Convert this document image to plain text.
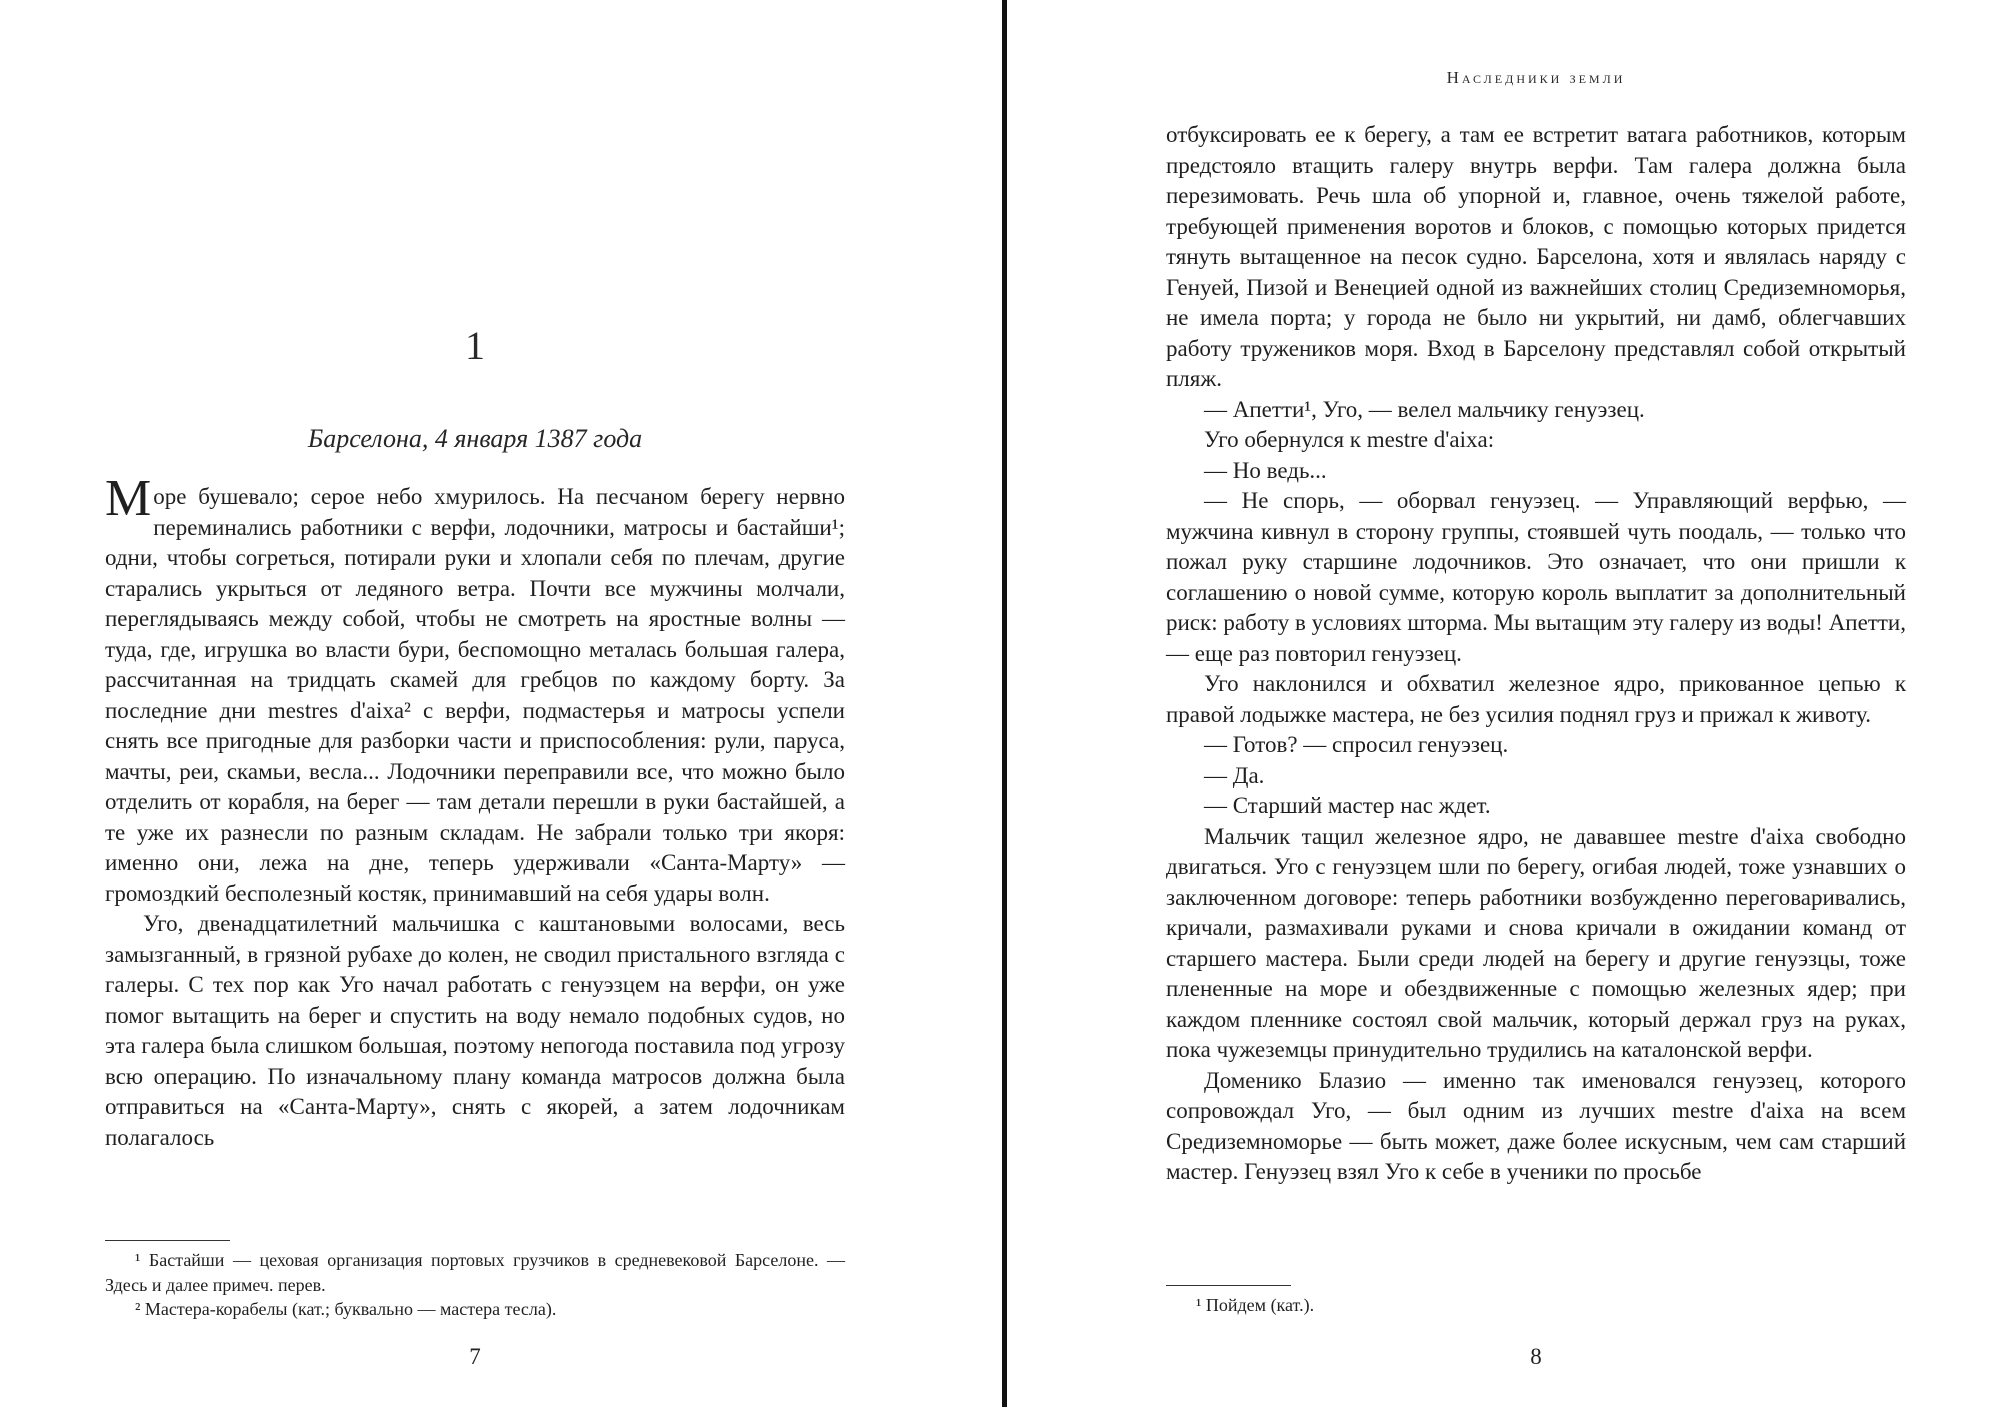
1
Барселона, 4 января 1387 года

Море бушевало; серое небо хмурилось. На песчаном берегу нервно переминались работники с верфи, лодочники, матросы и бастайши¹; одни, чтобы согреться, потирали руки и хлопали себя по плечам, другие старались укрыться от ледяного ветра. Почти все мужчины молчали, переглядываясь между собой, чтобы не смотреть на яростные волны — туда, где, игрушка во власти бури, беспомощно металась большая галера, рассчитанная на тридцать скамей для гребцов по каждому борту. За последние дни mestres d'aixa² с верфи, подмастерья и матросы успели снять все пригодные для разборки части и приспособления: рули, паруса, мачты, реи, скамьи, весла... Лодочники переправили все, что можно было отделить от корабля, на берег — там детали перешли в руки бастайшей, а те уже их разнесли по разным складам. Не забрали только три якоря: именно они, лежа на дне, теперь удерживали «Санта-Марту» — громоздкий бесполезный костяк, принимавший на себя удары волн.

Уго, двенадцатилетний мальчишка с каштановыми волосами, весь замызганный, в грязной рубахе до колен, не сводил пристального взгляда с галеры. С тех пор как Уго начал работать с генуэзцем на верфи, он уже помог вытащить на берег и спустить на воду немало подобных судов, но эта галера была слишком большая, поэтому непогода поставила под угрозу всю операцию. По изначальному плану команда матросов должна была отправиться на «Санта-Марту», снять с якорей, а затем лодочникам полагалось

¹ Бастайши — цеховая организация портовых грузчиков в средневековой Барселоне. — Здесь и далее примеч. перев.

² Мастера-корабелы (кат.; буквально — мастера тесла).

7
Наследники земли

отбуксировать ее к берегу, а там ее встретит ватага работников, которым предстояло втащить галеру внутрь верфи. Там галера должна была перезимовать. Речь шла об упорной и, главное, очень тяжелой работе, требующей применения воротов и блоков, с помощью которых придется тянуть вытащенное на песок судно. Барселона, хотя и являлась наряду с Генуей, Пизой и Венецией одной из важнейших столиц Средиземноморья, не имела порта; у города не было ни укрытий, ни дамб, облегчавших работу тружеников моря. Вход в Барселону представлял собой открытый пляж.

— Апетти¹, Уго, — велел мальчику генуэзец.

Уго обернулся к mestre d'aixa:

— Но ведь...

— Не спорь, — оборвал генуэзец. — Управляющий верфью, — мужчина кивнул в сторону группы, стоявшей чуть поодаль, — только что пожал руку старшине лодочников. Это означает, что они пришли к соглашению о новой сумме, которую король выплатит за дополнительный риск: работу в условиях шторма. Мы вытащим эту галеру из воды! Апетти, — еще раз повторил генуэзец.

Уго наклонился и обхватил железное ядро, прикованное цепью к правой лодыжке мастера, не без усилия поднял груз и прижал к животу.

— Готов? — спросил генуэзец.

— Да.

— Старший мастер нас ждет.

Мальчик тащил железное ядро, не дававшее mestre d'aixa свободно двигаться. Уго с генуэзцем шли по берегу, огибая людей, тоже узнавших о заключенном договоре: теперь работники возбужденно переговаривались, кричали, размахивали руками и снова кричали в ожидании команд от старшего мастера. Были среди людей на берегу и другие генуэзцы, тоже плененные на море и обездвиженные с помощью железных ядер; при каждом пленнике состоял свой мальчик, который держал груз на руках, пока чужеземцы принудительно трудились на каталонской верфи.

Доменико Блазио — именно так именовался генуэзец, которого сопровождал Уго, — был одним из лучших mestre d'aixa на всем Средиземноморье — быть может, даже более искусным, чем сам старший мастер. Генуэзец взял Уго к себе в ученики по просьбе

¹ Пойдем (кат.).

8
